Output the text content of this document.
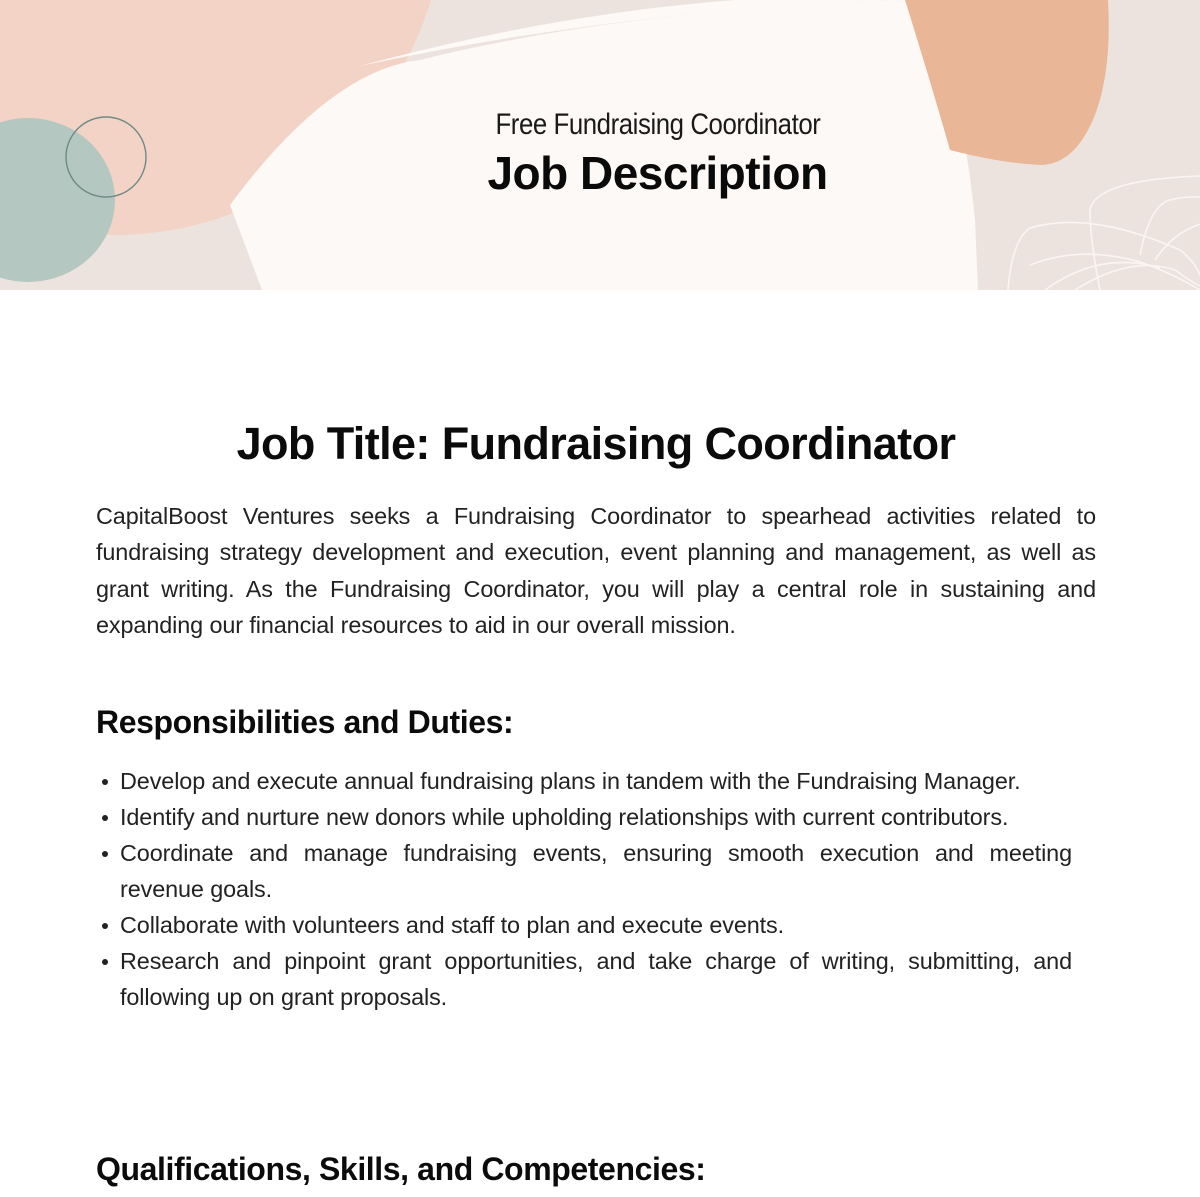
Free Fundraising Coordinator
Job Description
Job Title: Fundraising Coordinator

CapitalBoost Ventures seeks a Fundraising Coordinator to spearhead activities related to fundraising strategy development and execution, event planning and management, as well as grant writing. As the Fundraising Coordinator, you will play a central role in sustaining and expanding our financial resources to aid in our overall mission.

Responsibilities and Duties:
Develop and execute annual fundraising plans in tandem with the Fundraising Manager.
Identify and nurture new donors while upholding relationships with current contributors.
Coordinate and manage fundraising events, ensuring smooth execution and meeting revenue goals.
Collaborate with volunteers and staff to plan and execute events.
Research and pinpoint grant opportunities, and take charge of writing, submitting, and following up on grant proposals.
Qualifications, Skills, and Competencies:
